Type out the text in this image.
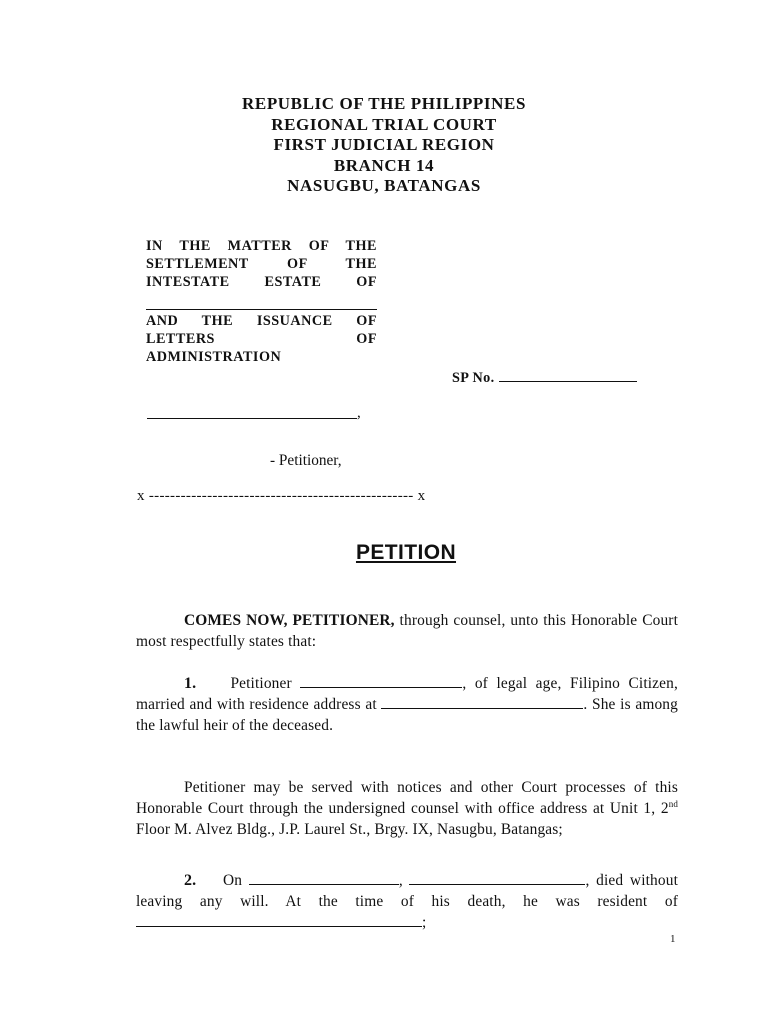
REPUBLIC OF THE PHILIPPINES
REGIONAL TRIAL COURT
FIRST JUDICIAL REGION
BRANCH 14
NASUGBU, BATANGAS
IN THE MATTER OF THE
SETTLEMENT OF THE
INTESTATE ESTATE OF
AND THE ISSUANCE OF
LETTERS OF
ADMINISTRATION
SP No.
,
- Petitioner,
x -------------------------------------------------- x
PETITION
COMES NOW, PETITIONER, through counsel, unto this Honorable Court most respectfully states that:
1. Petitioner	, of legal age, Filipino Citizen, married and with residence address at	. She is among the lawful heir of the deceased.
Petitioner may be served with notices and other Court processes of this Honorable Court through the undersigned counsel with office address at Unit 1, 2nd Floor M. Alvez Bldg., J.P. Laurel St., Brgy. IX, Nasugbu, Batangas;
2. On	,	, died without leaving any will. At the time of his death, he was resident of ;
1
